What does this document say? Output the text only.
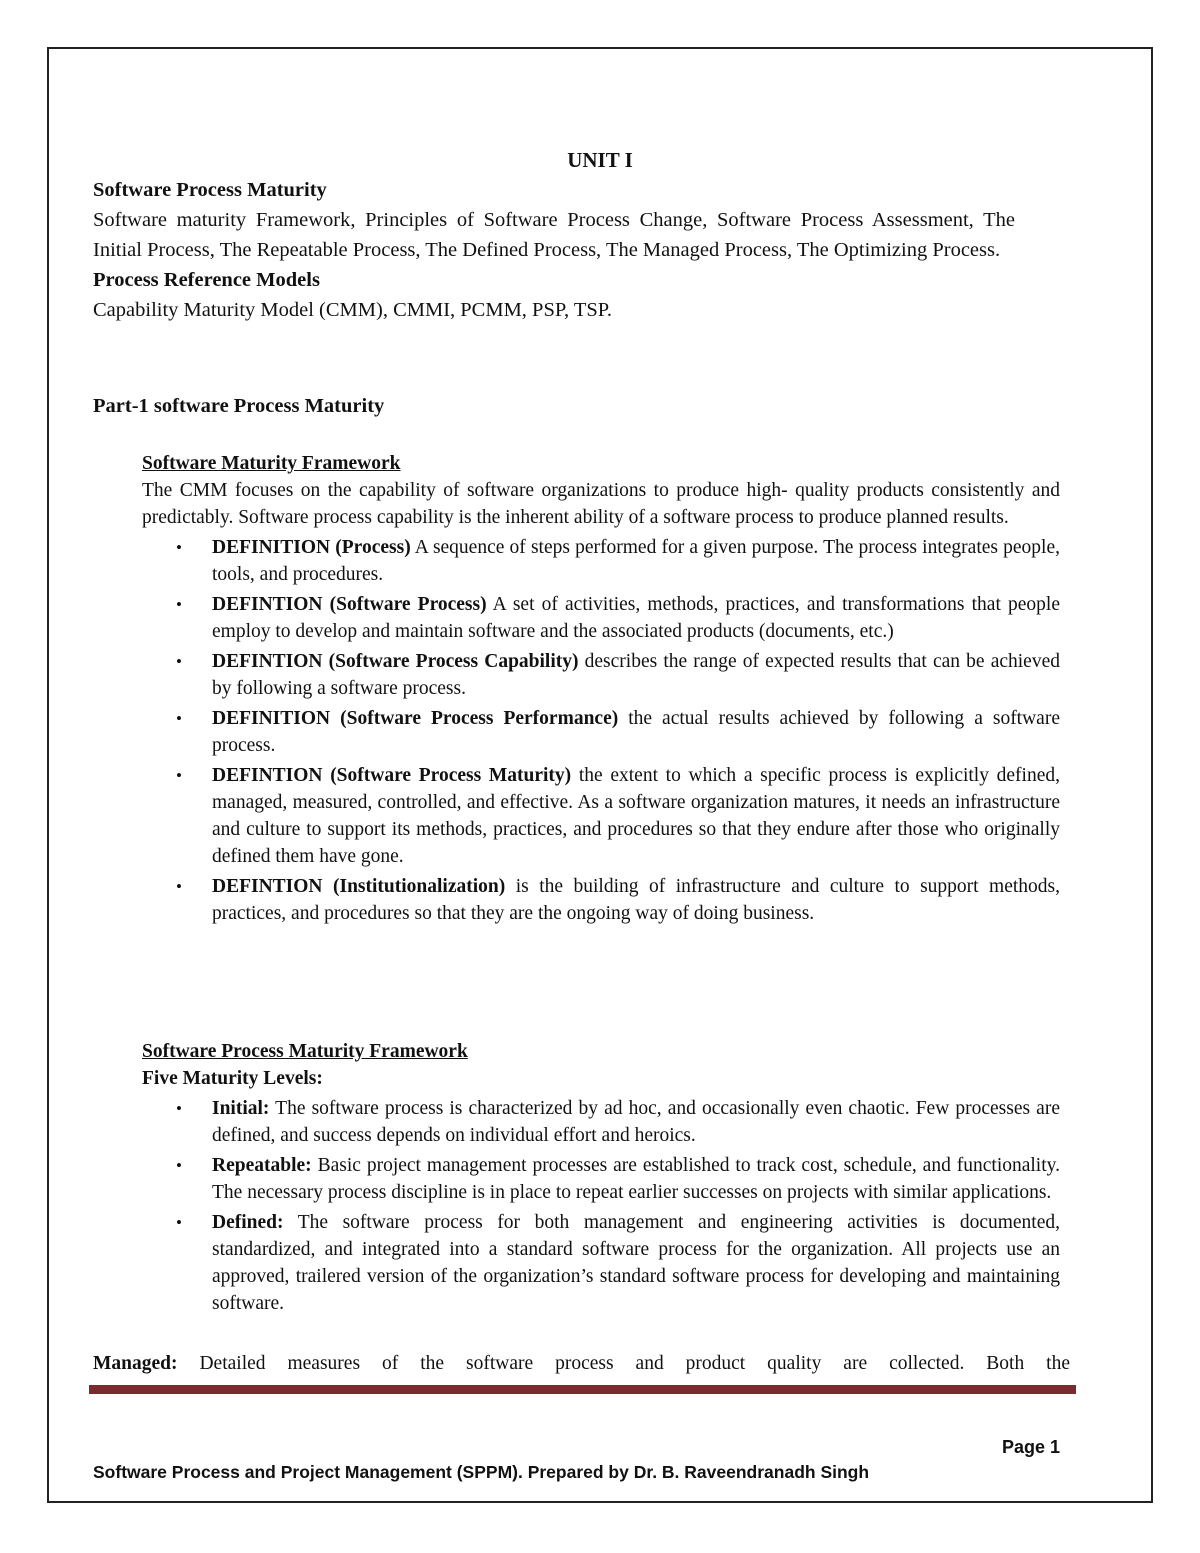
UNIT I
Software Process Maturity
Software maturity Framework, Principles of Software Process Change, Software Process Assessment, The Initial Process, The Repeatable Process, The Defined Process, The Managed Process, The Optimizing Process.
Process Reference Models
Capability Maturity Model (CMM), CMMI, PCMM, PSP, TSP.
Part-1 software Process Maturity
Software Maturity Framework
The CMM focuses on the capability of software organizations to produce high- quality products consistently and predictably. Software process capability is the inherent ability of a software process to produce planned results.
• DEFINITION (Process) A sequence of steps performed for a given purpose. The process integrates people, tools, and procedures.
• DEFINTION (Software Process) A set of activities, methods, practices, and transformations that people employ to develop and maintain software and the associated products (documents, etc.)
• DEFINTION (Software Process Capability) describes the range of expected results that can be achieved by following a software process.
• DEFINITION (Software Process Performance) the actual results achieved by following a software process.
• DEFINTION (Software Process Maturity) the extent to which a specific process is explicitly defined, managed, measured, controlled, and effective. As a software organization matures, it needs an infrastructure and culture to support its methods, practices, and procedures so that they endure after those who originally defined them have gone.
• DEFINTION (Institutionalization) is the building of infrastructure and culture to support methods, practices, and procedures so that they are the ongoing way of doing business.
Software Process Maturity Framework
Five Maturity Levels:
• Initial: The software process is characterized by ad hoc, and occasionally even chaotic. Few processes are defined, and success depends on individual effort and heroics.
• Repeatable: Basic project management processes are established to track cost, schedule, and functionality. The necessary process discipline is in place to repeat earlier successes on projects with similar applications.
• Defined: The software process for both management and engineering activities is documented, standardized, and integrated into a standard software process for the organization. All projects use an approved, trailered version of the organization’s standard software process for developing and maintaining software.
Managed: Detailed measures of the software process and product quality are collected. Both the
Page 1
Software Process and Project Management (SPPM). Prepared by Dr. B. Raveendranadh Singh
